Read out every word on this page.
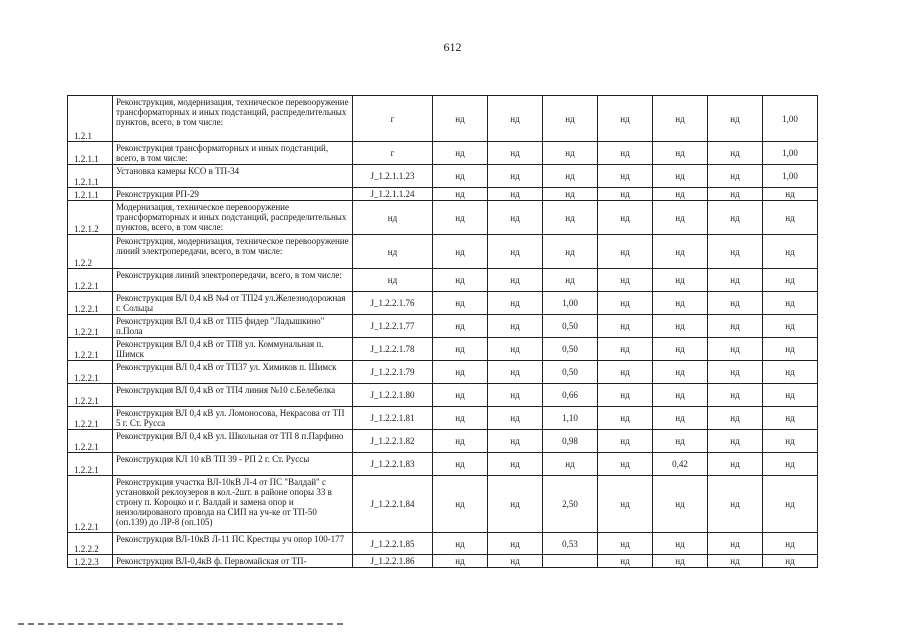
612
1.2.1	Реконструкция, модернизация, техническое перевооружение трансформаторных и иных подстанций, распределительных пунктов, всего, в том числе:	г	нд	нд	нд	нд	нд	нд	1,00
1.2.1.1	Реконструкция трансформаторных и иных подстанций, всего, в том числе:	г	нд	нд	нд	нд	нд	нд	1,00
1.2.1.1	Установка камеры КСО в ТП-34	J_1.2.1.1.23	нд	нд	нд	нд	нд	нд	1,00
1.2.1.1	Реконструкция РП-29	J_1.2.1.1.24	нд	нд	нд	нд	нд	нд	нд
1.2.1.2	Модернизация, техническое перевооружение трансформаторных и иных подстанций, распределительных пунктов, всего, в том числе:	нд	нд	нд	нд	нд	нд	нд	нд
1.2.2	Реконструкция, модернизация, техническое перевооружение линий электропередачи, всего, в том числе:	нд	нд	нд	нд	нд	нд	нд	нд
1.2.2.1	Реконструкция линий электропередачи, всего, в том числе:	нд	нд	нд	нд	нд	нд	нд	нд
1.2.2.1	Реконструкция ВЛ 0,4 кВ №4 от ТП24 ул.Железнодорожная г. Сольцы	J_1.2.2.1.76	нд	нд	1,00	нд	нд	нд	нд
1.2.2.1	Реконструкция ВЛ 0,4 кВ от ТП5 фидер "Ладышкино" п.Пола	J_1.2.2.1.77	нд	нд	0,50	нд	нд	нд	нд
1.2.2.1	Реконструкция ВЛ 0,4 кВ от ТП8 ул. Коммунальная п. Шимск	J_1.2.2.1.78	нд	нд	0,50	нд	нд	нд	нд
1.2.2.1	Реконструкция ВЛ 0,4 кВ от ТП37 ул. Химиков п. Шимск	J_1.2.2.1.79	нд	нд	0,50	нд	нд	нд	нд
1.2.2.1	Реконструкция ВЛ 0,4 кВ от ТП4 линия №10 с.Белебелка	J_1.2.2.1.80	нд	нд	0,66	нд	нд	нд	нд
1.2.2.1	Реконструкция ВЛ 0,4 кВ ул. Ломоносова, Некрасова от ТП 5 г. Ст. Русса	J_1.2.2.1.81	нд	нд	1,10	нд	нд	нд	нд
1.2.2.1	Реконструкция ВЛ 0,4 кВ ул. Школьная от ТП 8 п.Парфино	J_1.2.2.1.82	нд	нд	0,98	нд	нд	нд	нд
1.2.2.1	Реконструкция КЛ 10 кВ ТП 39 - РП 2 г. Ст. Руссы	J_1.2.2.1.83	нд	нд	нд	нд	0,42	нд	нд
1.2.2.1	Реконструкция участка ВЛ-10кВ Л-4 от ПС "Валдай" с установкой реклоузеров в кол.-2шт. в районе опоры 33 в строну п. Короцко и г. Валдай и замена опор и неизолированого провода на СИП на уч-ке от ТП-50 (оп.139) до ЛР-8 (оп.105)	J_1.2.2.1.84	нд	нд	2,50	нд	нд	нд	нд
1.2.2.2	Реконструкция ВЛ-10кВ Л-11 ПС Крестцы уч опор 100-177	J_1.2.2.1.85	нд	нд	0,53	нд	нд	нд	нд
1.2.2.3	Реконструкция ВЛ-0,4кВ ф. Первомайская от ТП-	J_1.2.2.1.86	нд	нд		нд	нд	нд	нд
